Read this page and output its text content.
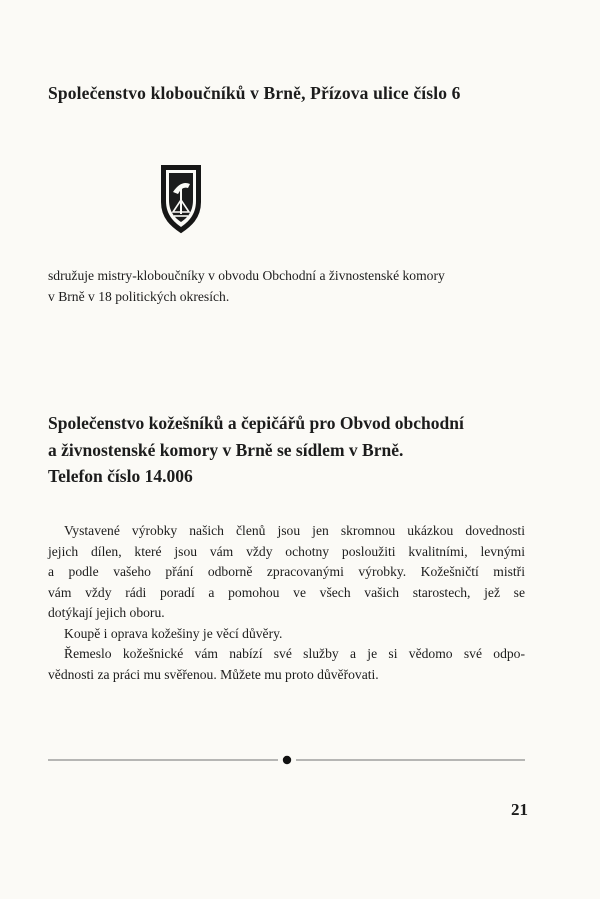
Společenstvo kloboučníků v Brně, Přízova ulice číslo 6

sdružuje mistry-kloboučníky v obvodu Obchodní a živnostenské komory
v Brně v 18 politických okresích.

Společenstvo kožešníků a čepičářů pro Obvod obchodní
a živnostenské komory v Brně se sídlem v Brně.
Telefon číslo 14.006
Vystavené výrobky našich členů jsou jen skromnou ukázkou dovednosti
jejich dílen, které jsou vám vždy ochotny posloužiti kvalitními, levnými
a podle vašeho přání odborně zpracovanými výrobky. Kožešničtí mistři
vám vždy rádi poradí a pomohou ve všech vašich starostech, jež se
dotýkají jejich oboru.
Koupě i oprava kožešiny je věcí důvěry.
Řemeslo kožešnické vám nabízí své služby a je si vědomo své odpo-
vědnosti za práci mu svěřenou. Můžete mu proto důvěřovati.

21
